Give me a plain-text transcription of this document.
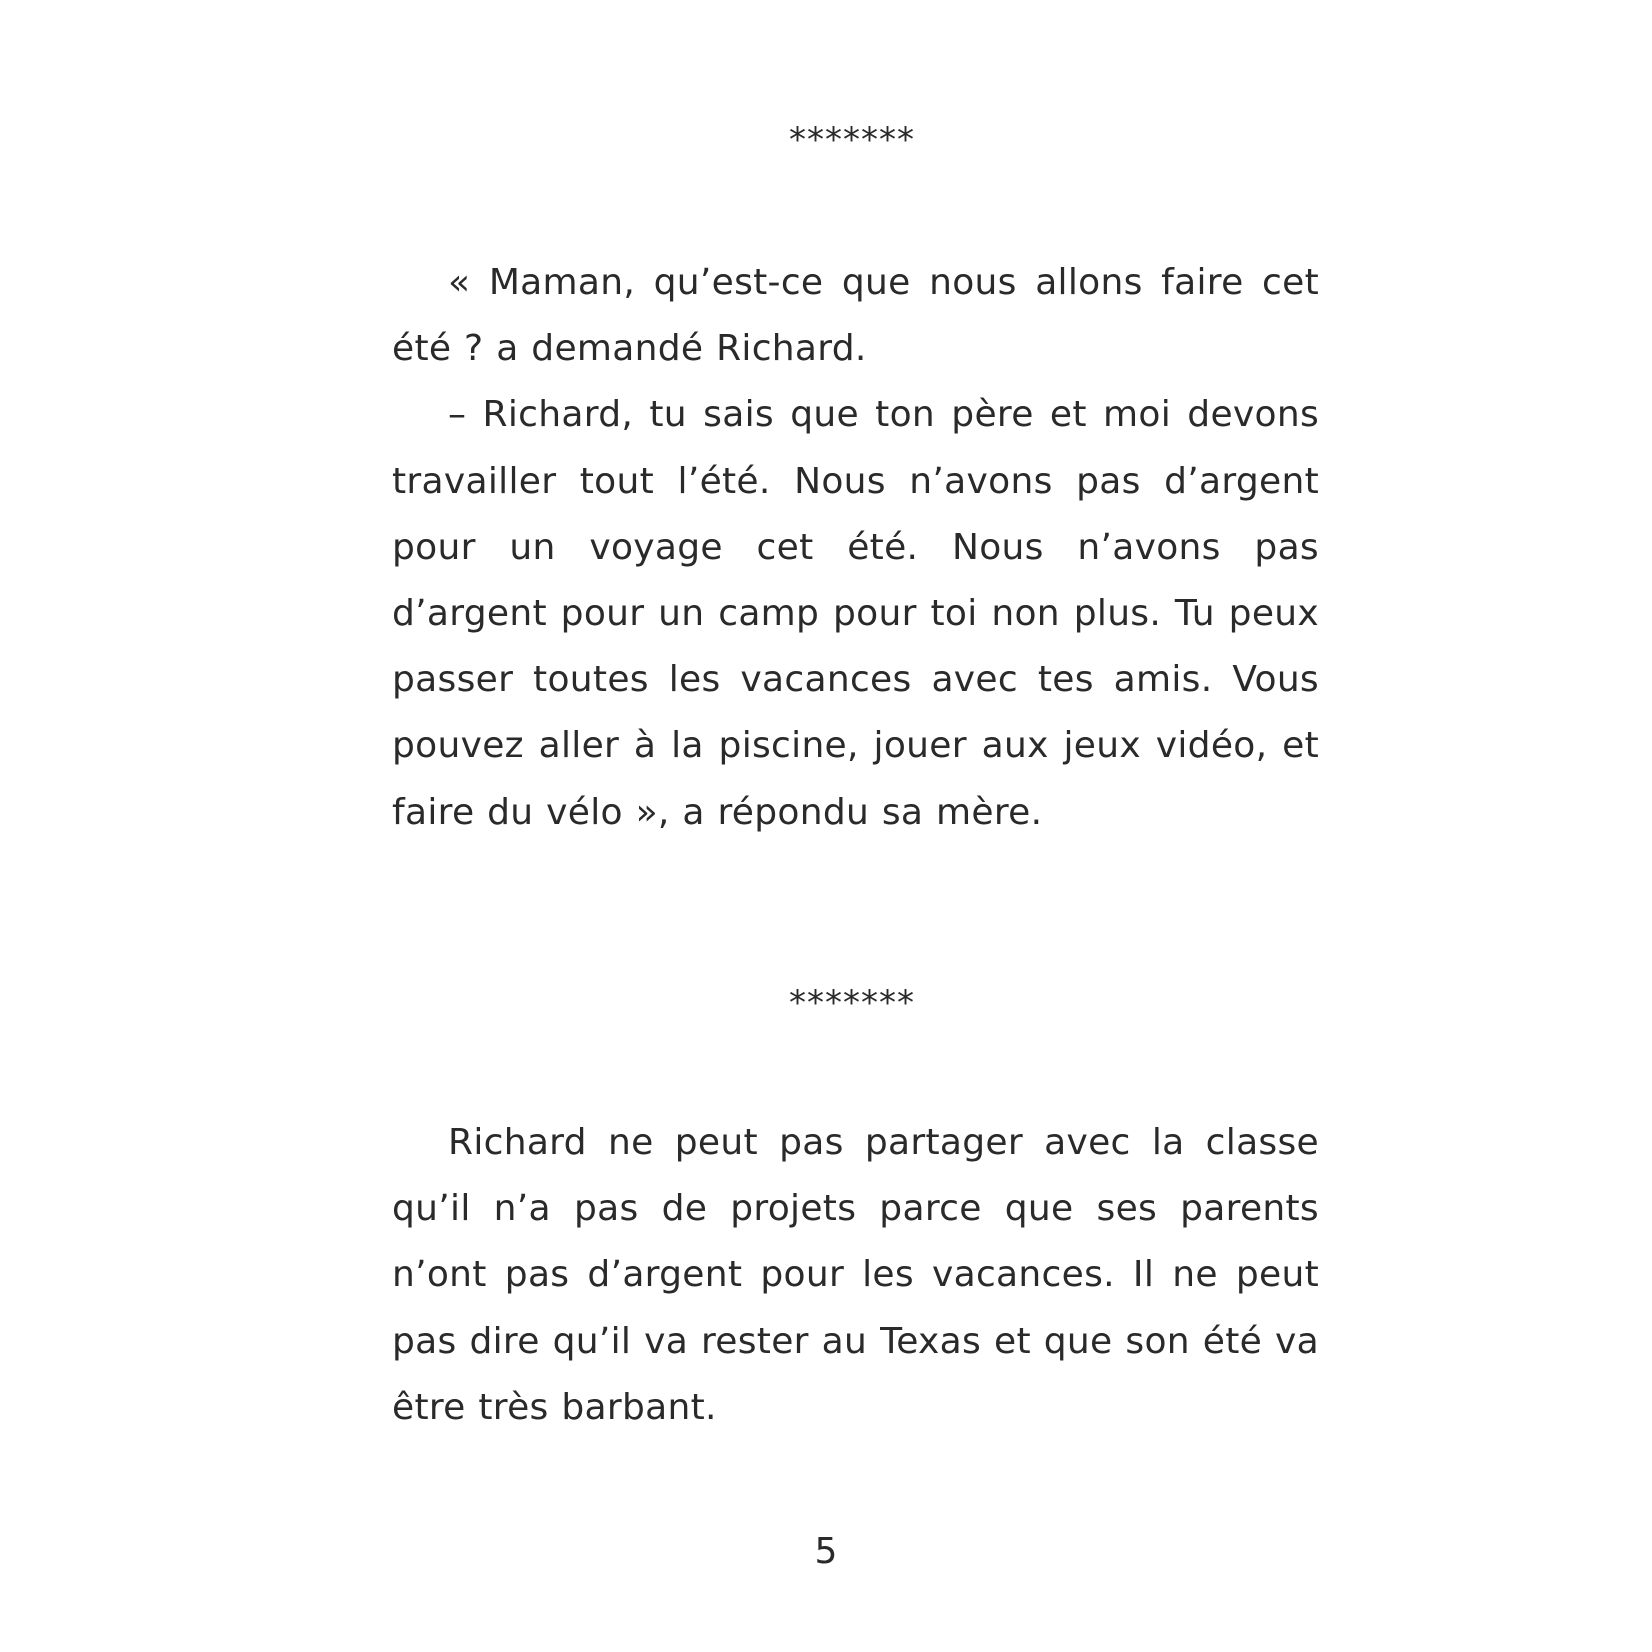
*******

« Maman, qu’est-ce que nous allons faire cet été ? a demandé Richard.

– Richard, tu sais que ton père et moi devons travailler tout l’été. Nous n’avons pas d’argent pour un voyage cet été. Nous n’avons pas d’argent pour un camp pour toi non plus. Tu peux passer toutes les vacances avec tes amis. Vous pouvez aller à la piscine, jouer aux jeux vidéo, et faire du vélo », a répondu sa mère.

*******

Richard ne peut pas partager avec la classe qu’il n’a pas de projets parce que ses parents n’ont pas d’argent pour les vacances. Il ne peut pas dire qu’il va rester au Texas et que son été va être très barbant.

5
